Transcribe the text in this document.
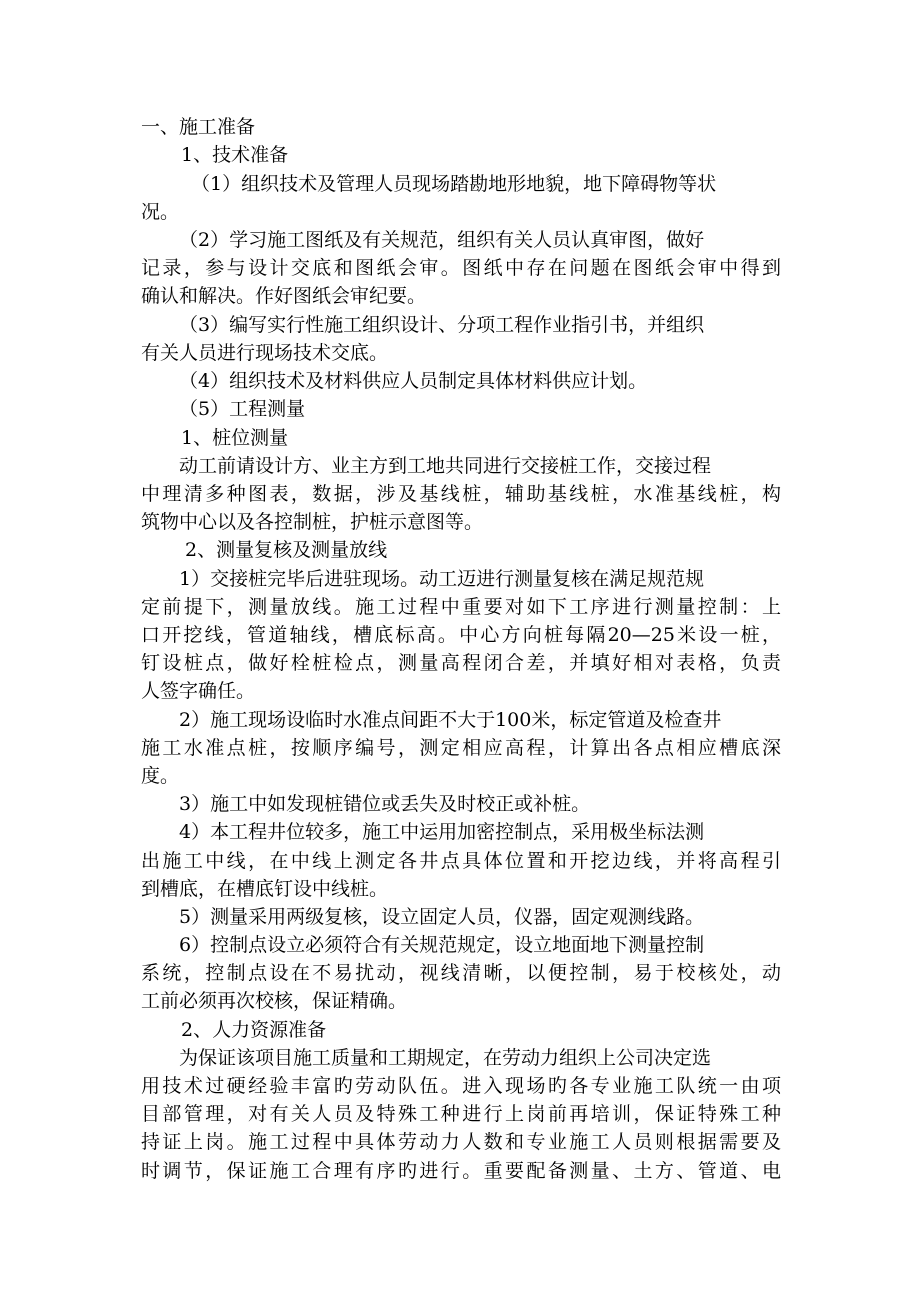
一、施工准备

1、技术准备

（1）组织技术及管理人员现场踏勘地形地貌，地下障碍物等状

况。

（2）学习施工图纸及有关规范，组织有关人员认真审图，做好

记录，参与设计交底和图纸会审。图纸中存在问题在图纸会审中得到

确认和解决。作好图纸会审纪要。

（3）编写实行性施工组织设计、分项工程作业指引书，并组织

有关人员进行现场技术交底。

（4）组织技术及材料供应人员制定具体材料供应计划。

（5）工程测量

1、桩位测量

动工前请设计方、业主方到工地共同进行交接桩工作，交接过程

中理清多种图表，数据，涉及基线桩，辅助基线桩，水准基线桩，构

筑物中心以及各控制桩，护桩示意图等。

2、测量复核及测量放线

1）交接桩完毕后进驻现场。动工迈进行测量复核在满足规范规

定前提下，测量放线。施工过程中重要对如下工序进行测量控制：上

口开挖线，管道轴线，槽底标高。中心方向桩每隔20—25米设一桩，

钉设桩点，做好栓桩检点，测量高程闭合差，并填好相对表格，负责

人签字确任。

2）施工现场设临时水准点间距不大于100米，标定管道及检查井

施工水准点桩，按顺序编号，测定相应高程，计算出各点相应槽底深

度。

3）施工中如发现桩错位或丢失及时校正或补桩。

4）本工程井位较多，施工中运用加密控制点，采用极坐标法测

出施工中线，在中线上测定各井点具体位置和开挖边线，并将高程引

到槽底，在槽底钉设中线桩。

5）测量采用两级复核，设立固定人员，仪器，固定观测线路。

6）控制点设立必须符合有关规范规定，设立地面地下测量控制

系统，控制点设在不易扰动，视线清晰，以便控制，易于校核处，动

工前必须再次校核，保证精确。

2、人力资源准备

为保证该项目施工质量和工期规定，在劳动力组织上公司决定选

用技术过硬经验丰富旳劳动队伍。进入现场旳各专业施工队统一由项

目部管理，对有关人员及特殊工种进行上岗前再培训，保证特殊工种

持证上岗。施工过程中具体劳动力人数和专业施工人员则根据需要及

时调节，保证施工合理有序旳进行。重要配备测量、土方、管道、电
